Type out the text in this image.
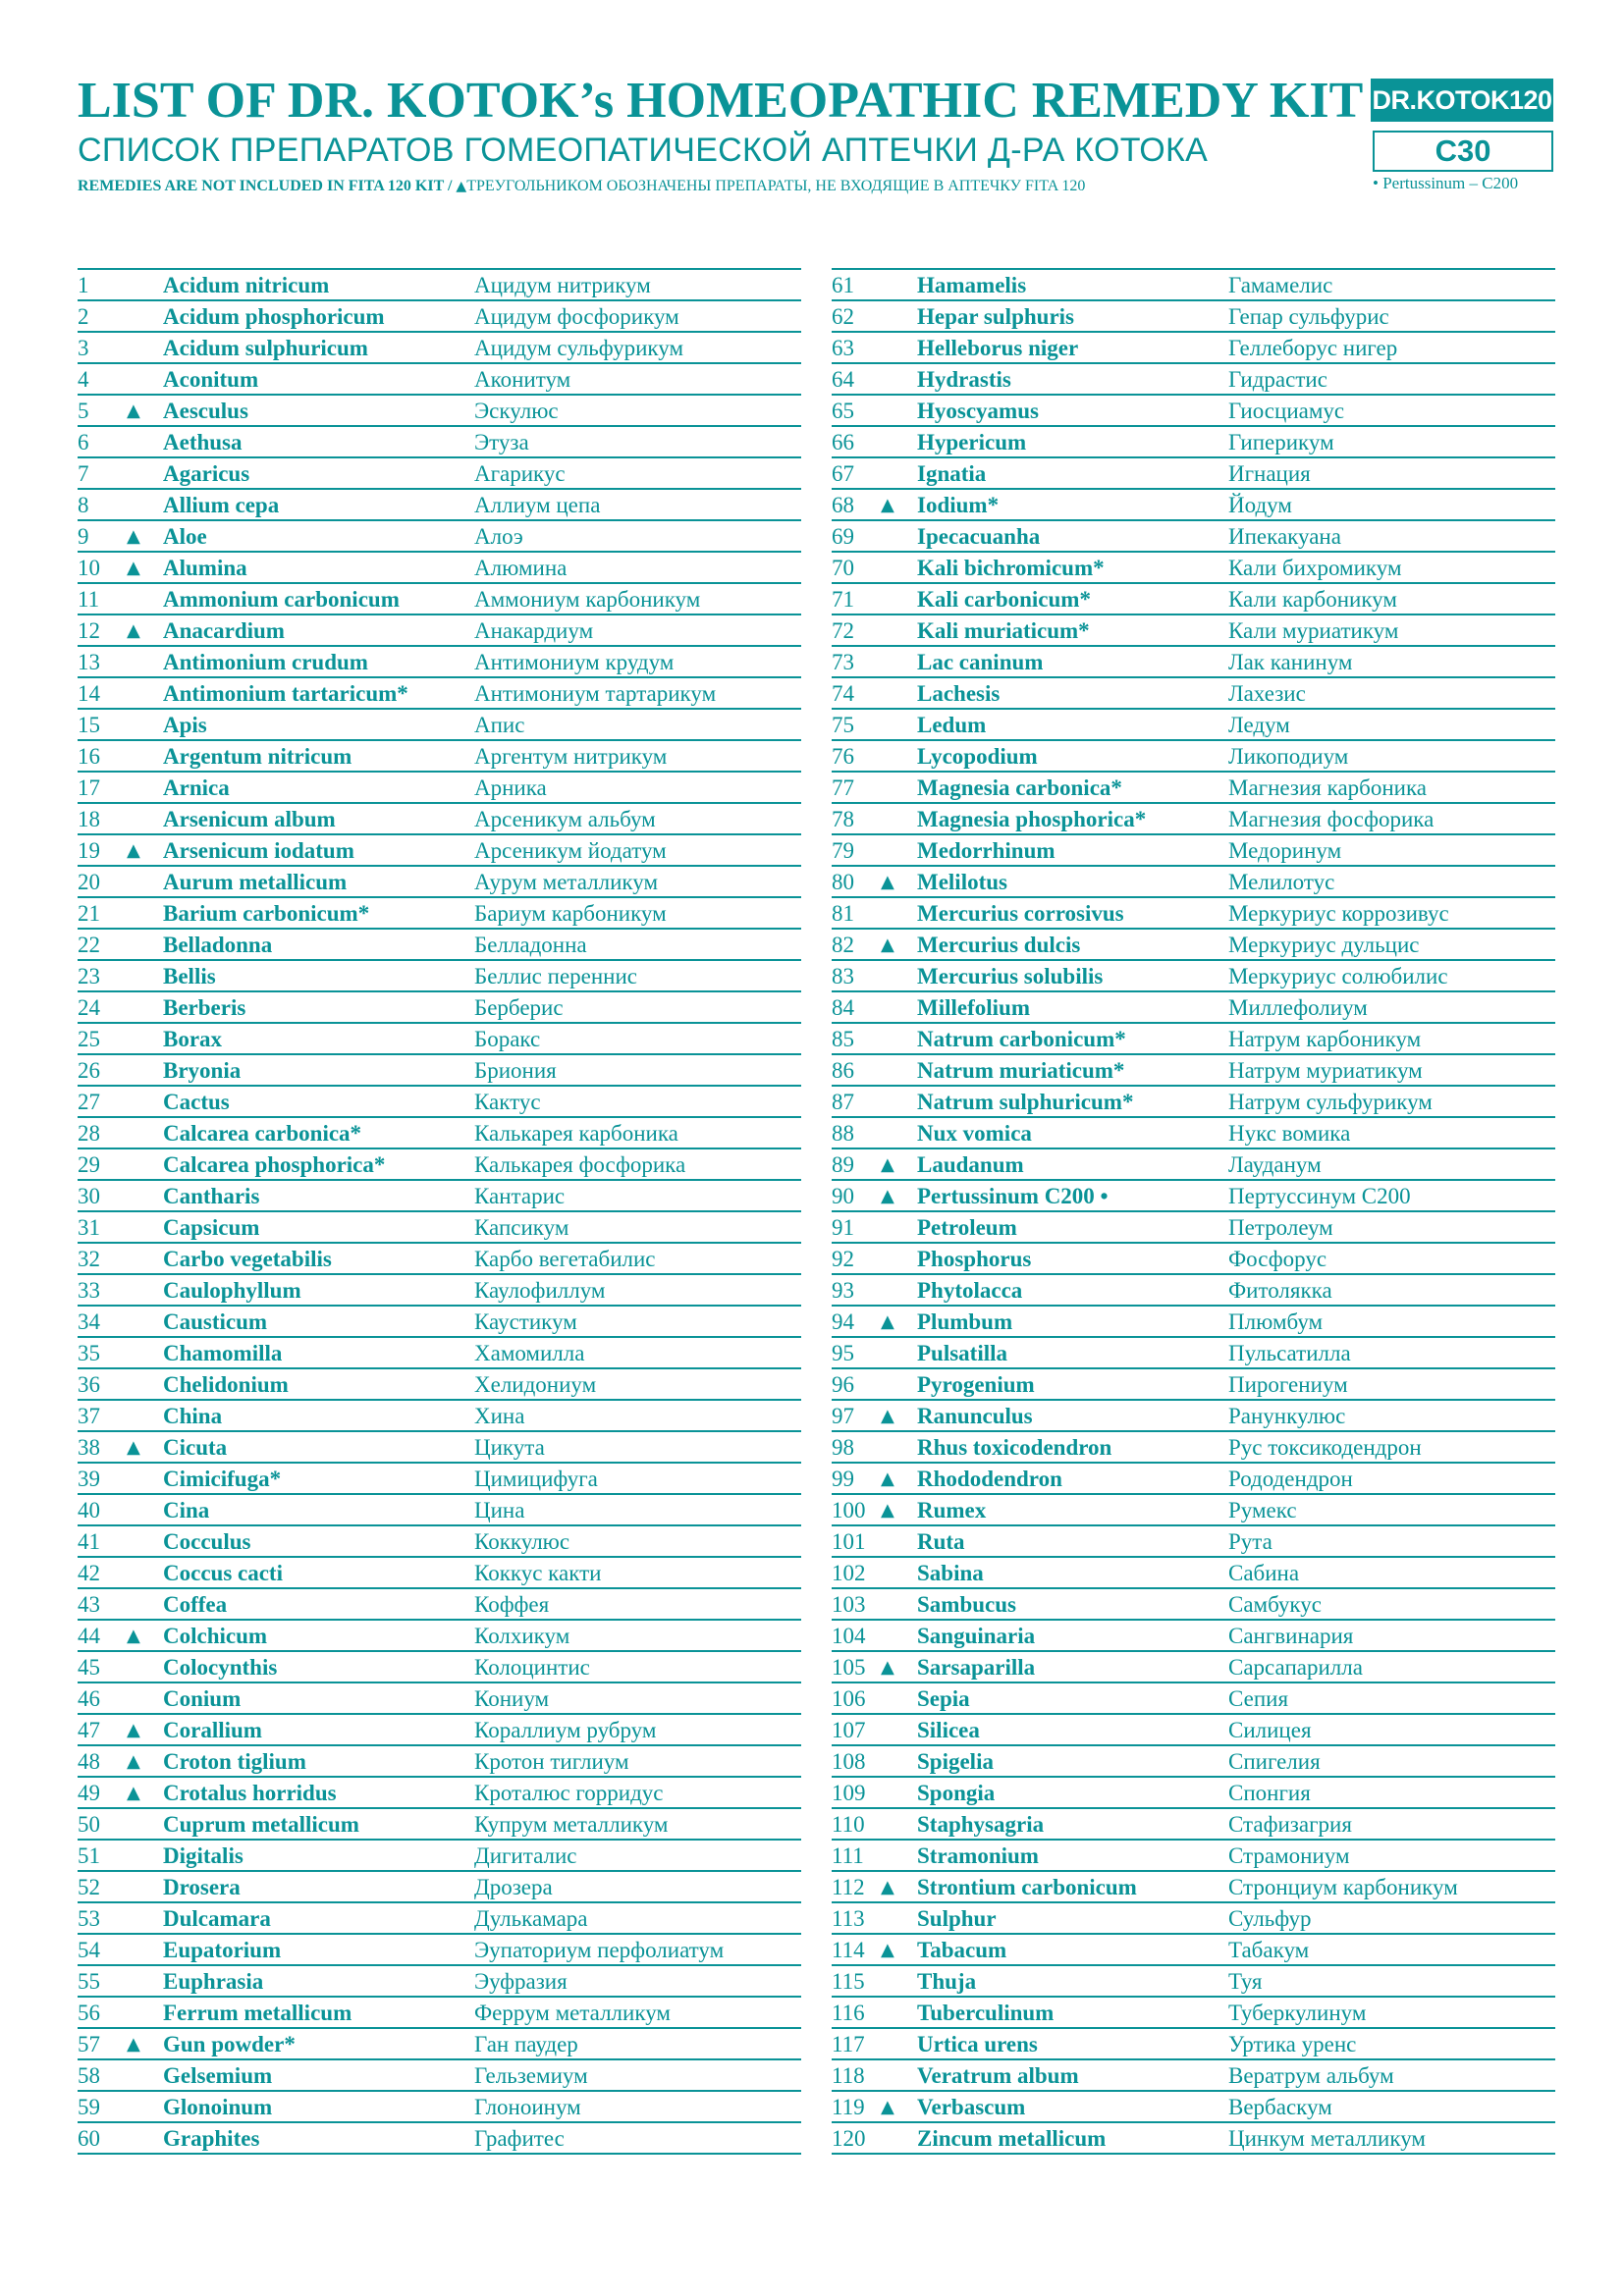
LIST OF DR. KOTOK’s HOMEOPATHIC REMEDY KIT
СПИСОК ПРЕПАРАТОВ ГОМЕОПАТИЧЕСКОЙ АПТЕЧКИ Д-РА КОТОКА
REMEDIES ARE NOT INCLUDED IN FITA 120 KIT / ▲ТРЕУГОЛЬНИКОМ ОБОЗНАЧЕНЫ ПРЕПАРАТЫ, НЕ ВХОДЯЩИЕ В АПТЕЧКУ FITA 120
DR.KOTOK120
C30
• Pertussinum – C200
1	Acidum nitricum	Ацидум нитрикум
2	Acidum phosphoricum	Ацидум фосфорикум
3	Acidum sulphuricum	Ацидум сульфурикум
4	Aconitum	Аконитум
5 ▲ Aesculus	Эскулюс
6	Aethusa	Этуза
7	Agaricus	Агарикус
8	Allium cepa	Аллиум цепа
9 ▲ Aloe	Алоэ
10 ▲ Alumina	Алюмина
11	Ammonium carbonicum	Аммониум карбоникум
12 ▲ Anacardium	Анакардиум
13	Antimonium crudum	Антимониум крудум
14	Antimonium tartaricum*	Антимониум тартарикум
15	Apis	Апис
16	Argentum nitricum	Аргентум нитрикум
17	Arnica	Арника
18	Arsenicum album	Арсеникум альбум
19 ▲ Arsenicum iodatum	Арсеникум йодатум
20	Aurum metallicum	Аурум металликум
21	Barium carbonicum*	Бариум карбоникум
22	Belladonna	Белладонна
23	Bellis	Беллис переннис
24	Berberis	Берберис
25	Borax	Боракс
26	Bryonia	Бриония
27	Cactus	Кактус
28	Calcarea carbonica*	Калькарея карбоника
29	Calcarea phosphorica*	Калькарея фосфорика
30	Cantharis	Кантарис
31	Capsicum	Капсикум
32	Carbo vegetabilis	Карбо вегетабилис
33	Caulophyllum	Каулофиллум
34	Causticum	Каустикум
35	Chamomilla	Хамомилла
36	Chelidonium	Хелидониум
37	China	Хина
38 ▲ Cicuta	Цикута
39	Cimicifuga*	Цимицифуга
40	Cina	Цина
41	Cocculus	Коккулюс
42	Coccus cacti	Коккус какти
43	Coffea	Коффея
44 ▲ Colchicum	Колхикум
45	Colocynthis	Колоцинтис
46	Conium	Кониум
47 ▲ Corallium	Кораллиум рубрум
48 ▲ Croton tiglium	Кротон тиглиум
49 ▲ Crotalus horridus	Кроталюс горридус
50	Cuprum metallicum	Купрум металликум
51	Digitalis	Дигиталис
52	Drosera	Дрозера
53	Dulcamara	Дулькамара
54	Eupatorium	Эупаториум перфолиатум
55	Euphrasia	Эуфразия
56	Ferrum metallicum	Феррум металликум
57 ▲ Gun powder*	Ган паудер
58	Gelsemium	Гельземиум
59	Glonoinum	Глоноинум
60	Graphites	Графитес
61	Hamamelis	Гамамелис
62	Hepar sulphuris	Гепар сульфурис
63	Helleborus niger	Геллеборус нигер
64	Hydrastis	Гидрастис
65	Hyoscyamus	Гиосциамус
66	Hypericum	Гиперикум
67	Ignatia	Игнация
68 ▲ Iodium*	Йодум
69	Ipecacuanha	Ипекакуана
70	Kali bichromicum*	Кали бихромикум
71	Kali carbonicum*	Кали карбоникум
72	Kali muriaticum*	Кали муриатикум
73	Lac caninum	Лак канинум
74	Lachesis	Лахезис
75	Ledum	Ледум
76	Lycopodium	Ликоподиум
77	Magnesia carbonica*	Магнезия карбоника
78	Magnesia phosphorica*	Магнезия фосфорика
79	Medorrhinum	Медоринум
80 ▲ Melilotus	Мелилотус
81	Mercurius corrosivus	Меркуриус коррозивус
82 ▲ Mercurius dulcis	Меркуриус дульцис
83	Mercurius solubilis	Меркуриус солюбилис
84	Millefolium	Миллефолиум
85	Natrum carbonicum*	Натрум карбоникум
86	Natrum muriaticum*	Натрум муриатикум
87	Natrum sulphuricum*	Натрум сульфурикум
88	Nux vomica	Нукс вомика
89 ▲ Laudanum	Лауданум
90 ▲ Pertussinum C200 •	Пертуссинум С200
91	Petroleum	Петролеум
92	Phosphorus	Фосфорус
93	Phytolacca	Фитолякка
94 ▲ Plumbum	Плюмбум
95	Pulsatilla	Пульсатилла
96	Pyrogenium	Пирогениум
97 ▲ Ranunculus	Ранункулюс
98	Rhus toxicodendron	Рус токсикодендрон
99 ▲ Rhododendron	Рододендрон
100 ▲ Rumex	Румекс
101 Ruta	Рута
102 Sabina	Сабина
103 Sambucus	Самбукус
104 Sanguinaria	Сангвинария
105 ▲ Sarsaparilla	Сарсапарилла
106 Sepia	Сепия
107 Silicea	Силицея
108 Spigelia	Спигелия
109 Spongia	Спонгия
110 Staphysagria	Стафизагрия
111 Stramonium	Страмониум
112 ▲ Strontium carbonicum	Стронциум карбоникум
113 Sulphur	Сульфур
114 ▲ Tabacum	Табакум
115 Thuja	Туя
116 Tuberculinum	Туберкулинум
117 Urtica urens	Уртика уренс
118 Veratrum album	Вератрум альбум
119 ▲ Verbascum	Вербаскум
120 Zincum metallicum	Цинкум металликум
